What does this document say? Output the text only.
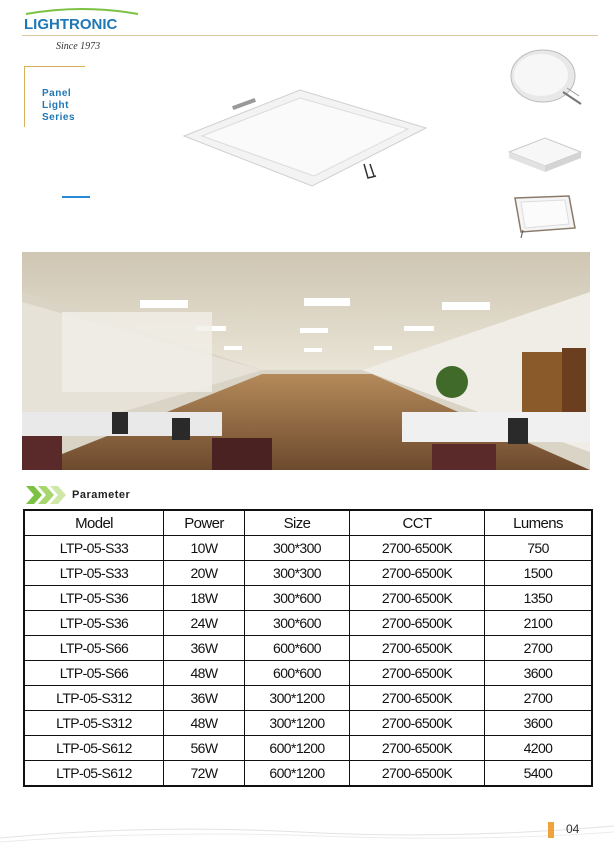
LIGHTRONIC
Since 1973
Panel Light
Series
Parameter
Model	Power	Size	CCT	Lumens
LTP-05-S33	10W	300*300	2700-6500K	750
LTP-05-S33	20W	300*300	2700-6500K	1500
LTP-05-S36	18W	300*600	2700-6500K	1350
LTP-05-S36	24W	300*600	2700-6500K	2100
LTP-05-S66	36W	600*600	2700-6500K	2700
LTP-05-S66	48W	600*600	2700-6500K	3600
LTP-05-S312	36W	300*1200	2700-6500K	2700
LTP-05-S312	48W	300*1200	2700-6500K	3600
LTP-05-S612	56W	600*1200	2700-6500K	4200
LTP-05-S612	72W	600*1200	2700-6500K	5400
04
